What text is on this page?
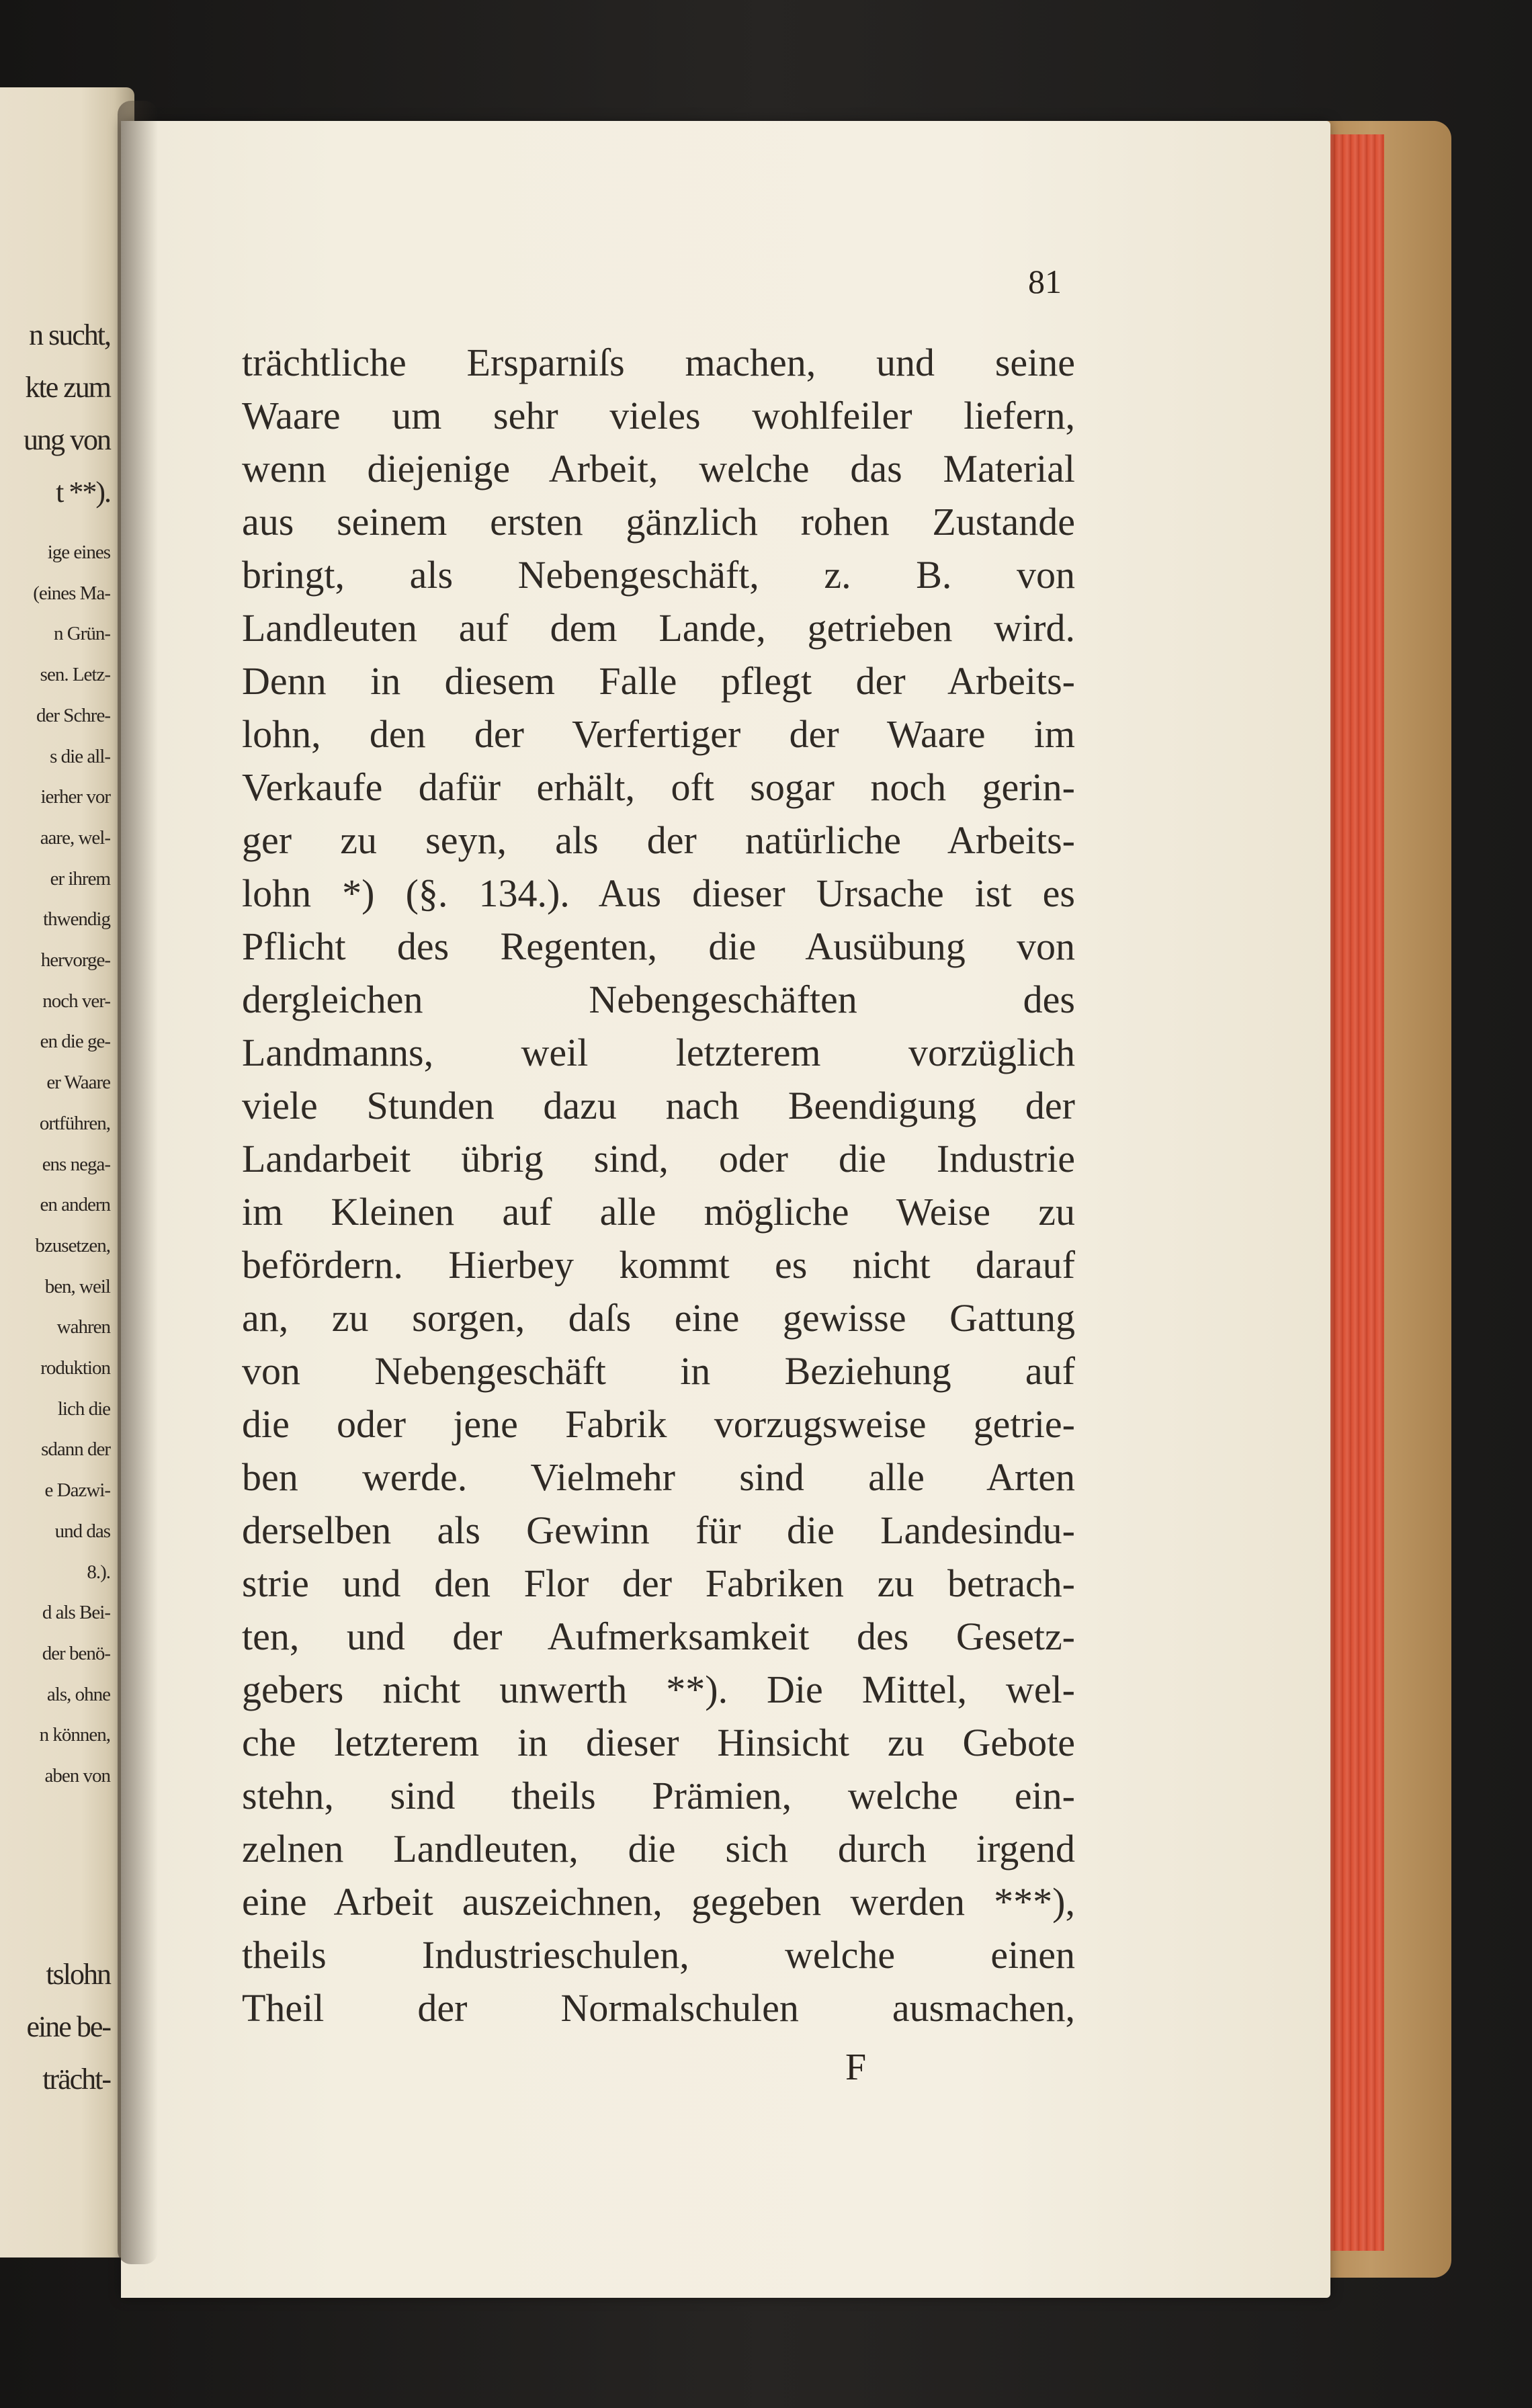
n sucht,
kte zum
ung von
t **).
ige eines
(eines Ma-
n Grün-
sen. Letz-
der Schre-
s die all-
ierher vor
aare, wel-
er ihrem
thwendig
hervorge-
noch ver-
en die ge-
er Waare
ortführen,
ens nega-
en andern
bzusetzen,
ben, weil
wahren
roduktion
lich die
sdann der
e Dazwi-
und das
8.).
d als Bei-
der benö-
als, ohne
n können,
aben von
tslohn
eine be-
trächt-
81
trächtliche Ersparniſs machen, und seine
Waare um sehr vieles wohlfeiler liefern,
wenn diejenige Arbeit, welche das Material
aus seinem ersten gänzlich rohen Zustande
bringt, als Nebengeschäft, z. B. von
Landleuten auf dem Lande, getrieben wird.
Denn in diesem Falle pflegt der Arbeits-
lohn, den der Verfertiger der Waare im
Verkaufe dafür erhält, oft sogar noch gerin-
ger zu seyn, als der natürliche Arbeits-
lohn *) (§. 134.). Aus dieser Ursache ist es
Pflicht des Regenten, die Ausübung von
dergleichen Nebengeschäften des
Landmanns, weil letzterem vorzüglich
viele Stunden dazu nach Beendigung der
Landarbeit übrig sind, oder die Industrie
im Kleinen auf alle mögliche Weise zu
befördern. Hierbey kommt es nicht darauf
an, zu sorgen, daſs eine gewisse Gattung
von Nebengeschäft in Beziehung auf
die oder jene Fabrik vorzugsweise getrie-
ben werde. Vielmehr sind alle Arten
derselben als Gewinn für die Landesindu-
strie und den Flor der Fabriken zu betrach-
ten, und der Aufmerksamkeit des Gesetz-
gebers nicht unwerth **). Die Mittel, wel-
che letzterem in dieser Hinsicht zu Gebote
stehn, sind theils Prämien, welche ein-
zelnen Landleuten, die sich durch irgend
eine Arbeit auszeichnen, gegeben werden ***),
theils Industrieschulen, welche einen
Theil der Normalschulen ausmachen,
F
